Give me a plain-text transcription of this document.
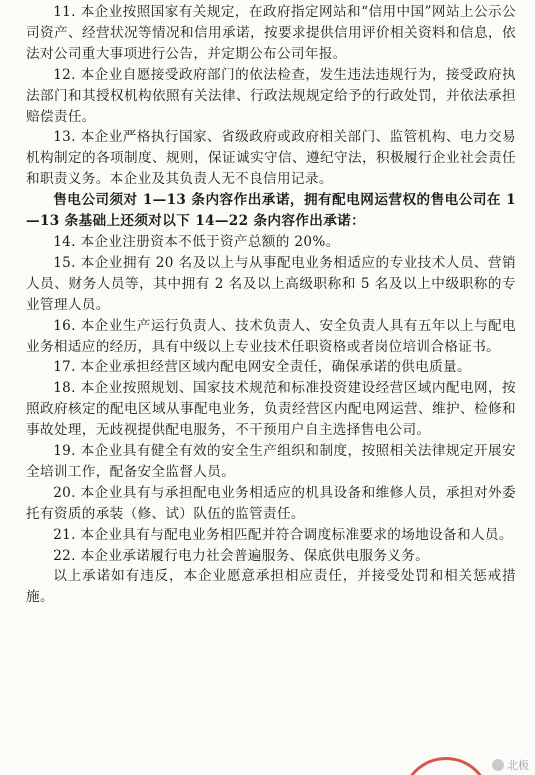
11. 本企业按照国家有关规定，在政府指定网站和“信用中国”网站上公示公司资产、经营状况等情况和信用承诺，按要求提供信用评价相关资料和信息，依法对公司重大事项进行公告，并定期公布公司年报。

12. 本企业自愿接受政府部门的依法检查，发生违法违规行为，接受政府执法部门和其授权机构依照有关法律、行政法规规定给予的行政处罚，并依法承担赔偿责任。

13. 本企业严格执行国家、省级政府或政府相关部门、监管机构、电力交易机构制定的各项制度、规则，保证诚实守信、遵纪守法，积极履行企业社会责任和职责义务。本企业及其负责人无不良信用记录。

售电公司须对 1—13 条内容作出承诺，拥有配电网运营权的售电公司在 1—13 条基础上还须对以下 14—22 条内容作出承诺：

14. 本企业注册资本不低于资产总额的 20%。

15. 本企业拥有 20 名及以上与从事配电业务相适应的专业技术人员、营销人员、财务人员等，其中拥有 2 名及以上高级职称和 5 名及以上中级职称的专业管理人员。

16. 本企业生产运行负责人、技术负责人、安全负责人具有五年以上与配电业务相适应的经历，具有中级以上专业技术任职资格或者岗位培训合格证书。

17. 本企业承担经营区域内配电网安全责任，确保承诺的供电质量。

18. 本企业按照规划、国家技术规范和标准投资建设经营区域内配电网，按照政府核定的配电区域从事配电业务，负责经营区内配电网运营、维护、检修和事故处理，无歧视提供配电服务，不干预用户自主选择售电公司。

19. 本企业具有健全有效的安全生产组织和制度，按照相关法律规定开展安全培训工作，配备安全监督人员。

20. 本企业具有与承担配电业务相适应的机具设备和维修人员，承担对外委托有资质的承装（修、试）队伍的监管责任。

21. 本企业具有与配电业务相匹配并符合调度标准要求的场地设备和人员。

22. 本企业承诺履行电力社会普遍服务、保底供电服务义务。

以上承诺如有违反，本企业愿意承担相应责任，并接受处罚和相关惩戒措施。

北极
